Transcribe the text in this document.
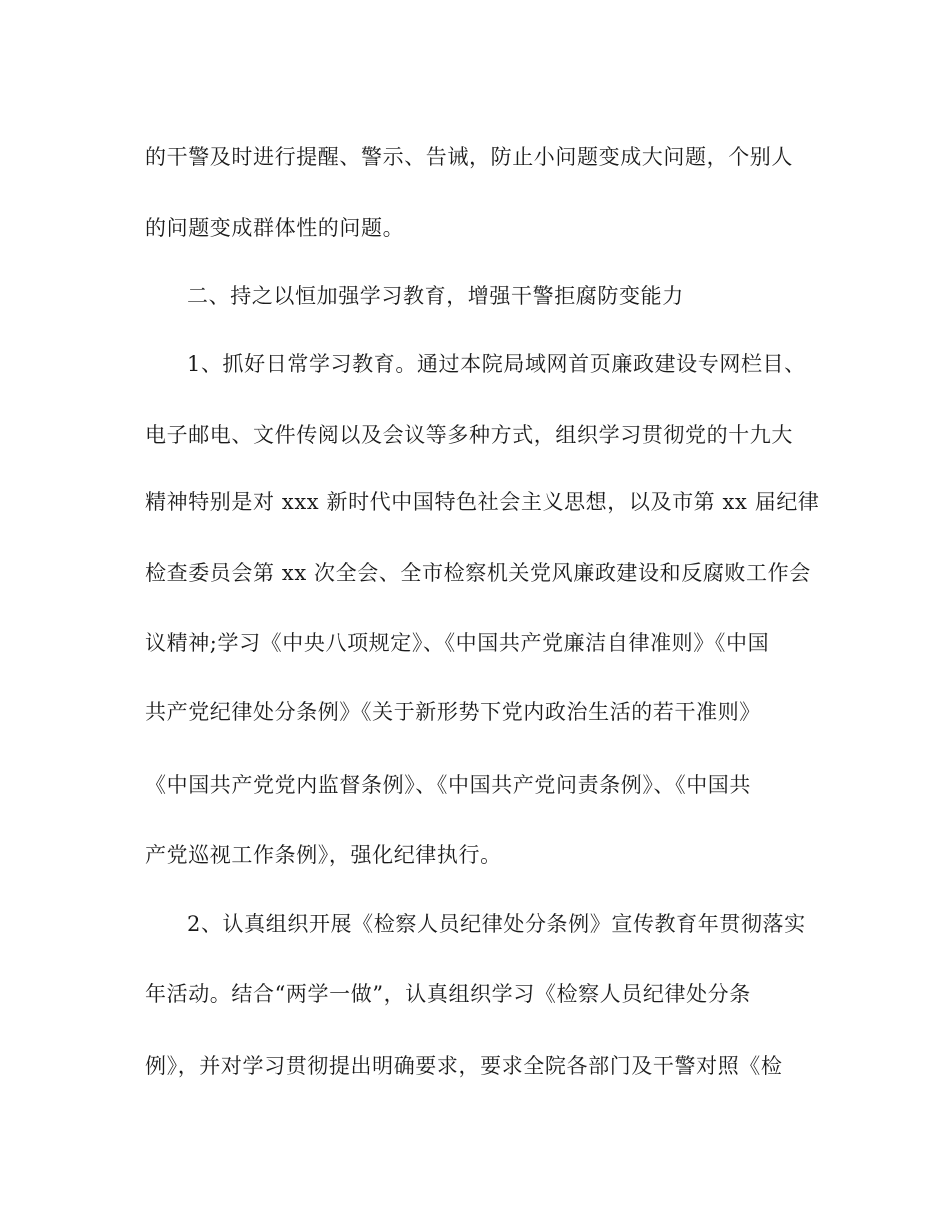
的干警及时进行提醒、警示、告诫，防止小问题变成大问题，个别人
的问题变成群体性的问题。
二、持之以恒加强学习教育，增强干警拒腐防变能力
1、抓好日常学习教育。通过本院局域网首页廉政建设专网栏目、
电子邮电、文件传阅以及会议等多种方式，组织学习贯彻党的十九大
精神特别是对 xxx 新时代中国特色社会主义思想，以及市第 xx 届纪律
检查委员会第 xx 次全会、全市检察机关党风廉政建设和反腐败工作会
议精神;学习《中央八项规定》、《中国共产党廉洁自律准则》《中国
共产党纪律处分条例》《关于新形势下党内政治生活的若干准则》
《中国共产党党内监督条例》、《中国共产党问责条例》、《中国共
产党巡视工作条例》，强化纪律执行。
2、认真组织开展《检察人员纪律处分条例》宣传教育年贯彻落实
年活动。结合“两学一做”，认真组织学习《检察人员纪律处分条
例》，并对学习贯彻提出明确要求，要求全院各部门及干警对照《检
